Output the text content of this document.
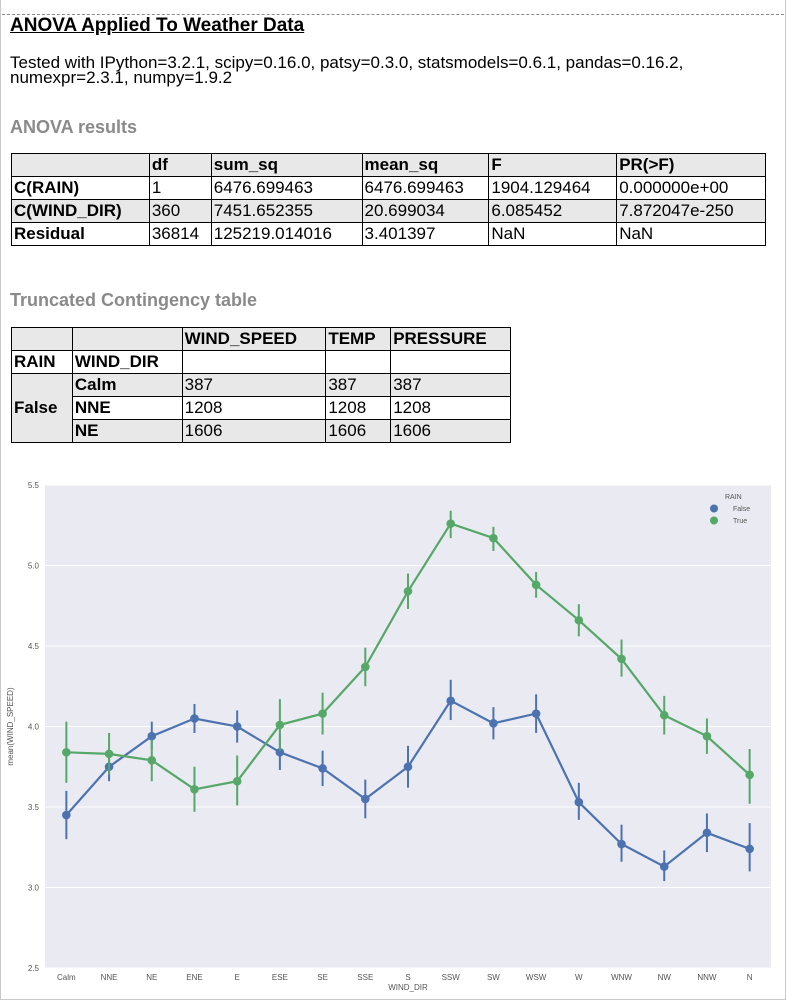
ANOVA Applied To Weather Data

Tested with IPython=3.2.1, scipy=0.16.0, patsy=0.3.0, statsmodels=0.6.1, pandas=0.16.2, numexpr=2.3.1, numpy=1.9.2

ANOVA results
	df	sum_sq	mean_sq	F	PR(>F)
C(RAIN)	1	6476.699463	6476.699463	1904.129464	0.000000e+00
C(WIND_DIR)	360	7451.652355	20.699034	6.085452	7.872047e-250
Residual	36814	125219.014016	3.401397	NaN	NaN
Truncated Contingency table
		WIND_SPEED	TEMP	PRESSURE
RAIN	WIND_DIR			
False	Calm	387	387	387
	NNE	1208	1208	1208
	NE	1606	1606	1606
2.5
3.0
3.5
4.0
4.5
5.0
5.5
Calm	NNE	NE	ENE	E	ESE	SE	SSE	S	SSW	SW	WSW	W	WNW	NW	NNW	N
WIND_DIR
mean(WIND_SPEED)
RAIN
False
True
